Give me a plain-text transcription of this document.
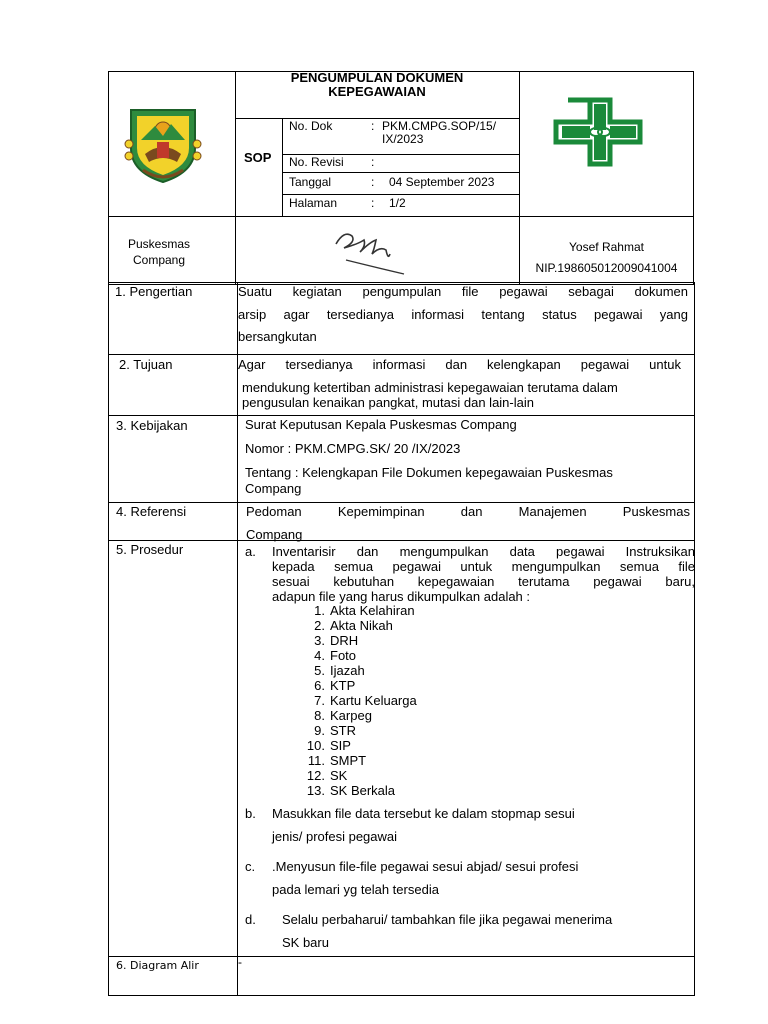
PENGUMPULAN DOKUMEN
KEPEGAWAIAN
SOP
No. Dok	: PKM.CMPG.SOP/15/
IX/2023
No. Revisi :
Tanggal	: 04 September 2023
Halaman	: 1/2
Puskesmas
Compang
Yosef Rahmat
NIP.198605012009041004
1. Pengertian	Suatu kegiatan pengumpulan file pegawai sebagai dokumen
arsip agar tersedianya informasi tentang status pegawai yang
bersangkutan
2. Tujuan	Agar tersedianya informasi dan kelengkapan pegawai untuk
mendukung ketertiban administrasi kepegawaian terutama dalam
pengusulan kenaikan pangkat, mutasi dan lain-lain
3. Kebijakan	Surat Keputusan Kepala Puskesmas Compang
Nomor : PKM.CMPG.SK/ 20 /IX/2023
Tentang : Kelengkapan File Dokumen kepegawaian Puskesmas
Compang
4. Referensi	Pedoman Kepemimpinan dan Manajemen Puskesmas
Compang
5. Prosedur	a. Inventarisir dan mengumpulkan data pegawai Instruksikan
kepada semua pegawai untuk mengumpulkan semua file
sesuai kebutuhan kepegawaian terutama pegawai baru,
adapun file yang harus dikumpulkan adalah :
1. Akta Kelahiran
2. Akta Nikah
3. DRH
4. Foto
5. Ijazah
6. KTP
7. Kartu Keluarga
8. Karpeg
9. STR
10. SIP
11. SMPT
12. SK
13. SK Berkala
b. Masukkan file data tersebut ke dalam stopmap sesui
jenis/ profesi pegawai
c. .Menyusun file-file pegawai sesui abjad/ sesui profesi
pada lemari yg telah tersedia
d. Selalu perbaharui/ tambahkan file jika pegawai menerima
SK baru
6. Diagram Alir	-
